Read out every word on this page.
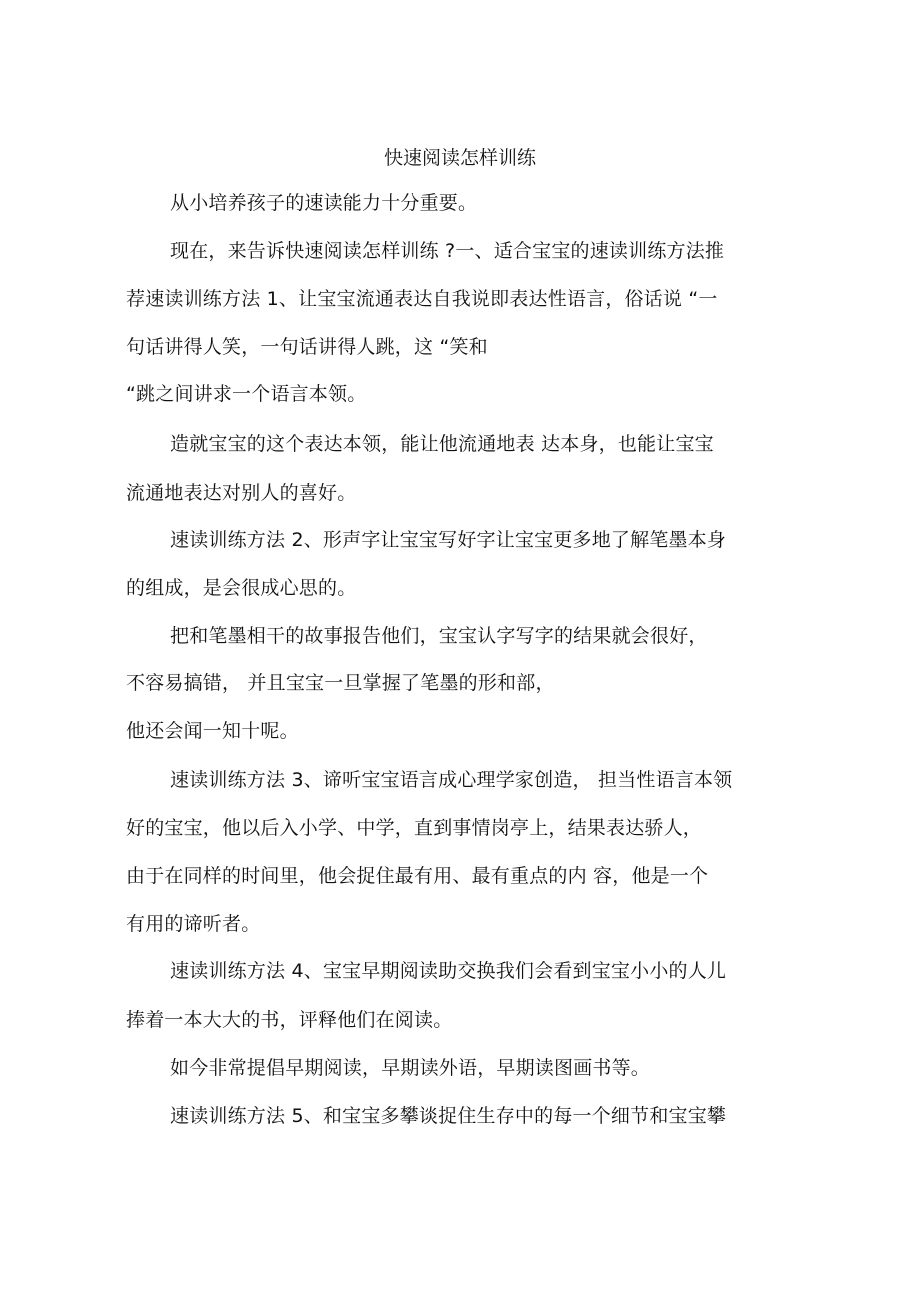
快速阅读怎样训练
从小培养孩子的速读能力十分重要。
现在，来告诉快速阅读怎样训练 ?一、适合宝宝的速读训练方法推
荐速读训练方法 1、让宝宝流通表达自我说即表达性语言，俗话说 “一
句话讲得人笑，一句话讲得人跳，这 “笑和
“跳之间讲求一个语言本领。
造就宝宝的这个表达本领，能让他流通地表 达本身，也能让宝宝
流通地表达对别人的喜好。
速读训练方法 2、形声字让宝宝写好字让宝宝更多地了解笔墨本身
的组成，是会很成心思的。
把和笔墨相干的故事报告他们，宝宝认字写字的结果就会很好，
不容易搞错， 并且宝宝一旦掌握了笔墨的形和部，
他还会闻一知十呢。
速读训练方法 3、谛听宝宝语言成心理学家创造， 担当性语言本领
好的宝宝，他以后入小学、中学，直到事情岗亭上，结果表达骄人，
由于在同样的时间里，他会捉住最有用、最有重点的内 容，他是一个
有用的谛听者。
速读训练方法 4、宝宝早期阅读助交换我们会看到宝宝小小的人儿
捧着一本大大的书，评释他们在阅读。
如今非常提倡早期阅读，早期读外语，早期读图画书等。
速读训练方法 5、和宝宝多攀谈捉住生存中的每一个细节和宝宝攀
